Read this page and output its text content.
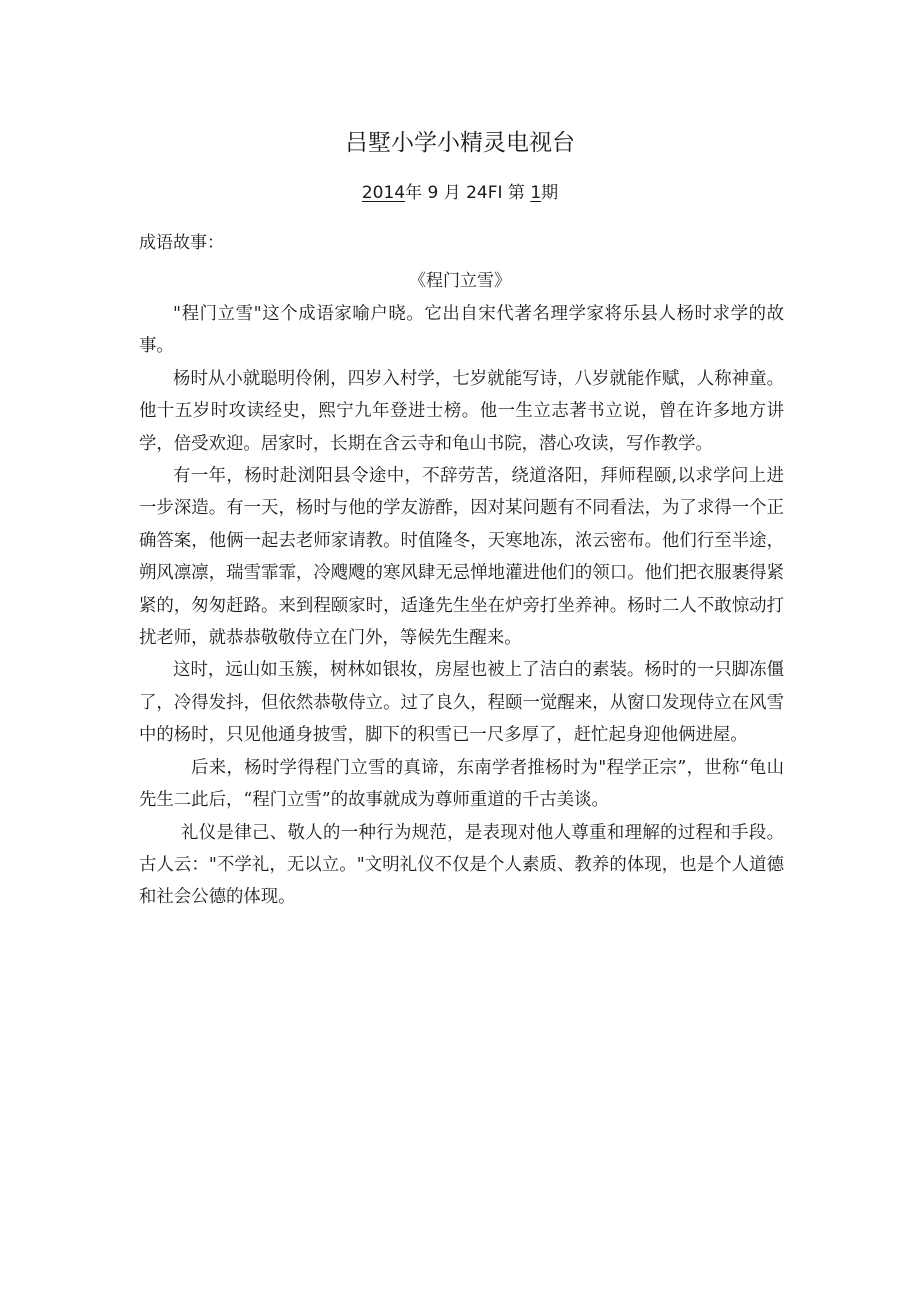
吕墅小学小精灵电视台
2014年 9 月 24FI 第 1期
成语故事：
《程门立雪》

"程门立雪"这个成语家喻户晓。它出自宋代著名理学家将乐县人杨时求学的故事。

杨时从小就聪明伶俐，四岁入村学，七岁就能写诗，八岁就能作赋，人称神童。他十五岁时攻读经史，熙宁九年登进士榜。他一生立志著书立说，曾在许多地方讲学，倍受欢迎。居家时，长期在含云寺和龟山书院，潜心攻读，写作教学。

有一年，杨时赴浏阳县令途中，不辞劳苦，绕道洛阳，拜师程颐,以求学问上进一步深造。有一天，杨时与他的学友游酢，因对某问题有不同看法，为了求得一个正确答案，他俩一起去老师家请教。时值隆冬，天寒地冻，浓云密布。他们行至半途，朔风凛凛，瑞雪霏霏，冷飕飕的寒风肆无忌惮地灌进他们的领口。他们把衣服裹得紧紧的，匆匆赶路。来到程颐家时，适逢先生坐在炉旁打坐养神。杨时二人不敢惊动打扰老师，就恭恭敬敬侍立在门外，等候先生醒来。

这时，远山如玉簇，树林如银妆，房屋也被上了洁白的素装。杨时的一只脚冻僵了，冷得发抖，但依然恭敬侍立。过了良久，程颐一觉醒来，从窗口发现侍立在风雪中的杨时，只见他通身披雪，脚下的积雪已一尺多厚了，赶忙起身迎他俩进屋。

后来，杨时学得程门立雪的真谛，东南学者推杨时为"程学正宗”，世称“龟山先生二此后，“程门立雪”的故事就成为尊师重道的千古美谈。

礼仪是律己、敬人的一种行为规范，是表现对他人尊重和理解的过程和手段。古人云："不学礼，无以立。"文明礼仪不仅是个人素质、教养的体现，也是个人道德和社会公德的体现。
